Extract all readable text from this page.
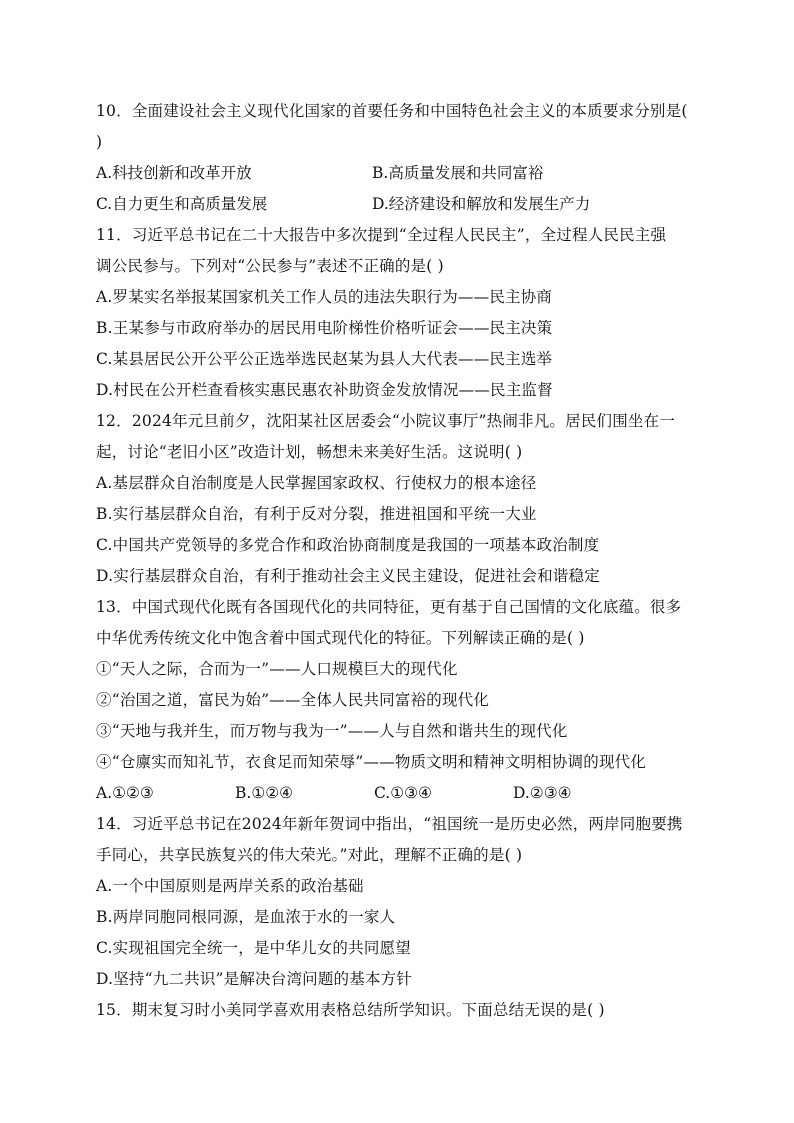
10．全面建设社会主义现代化国家的首要任务和中国特色社会主义的本质要求分别是(
)
A.科技创新和改革开放	B.高质量发展和共同富裕
C.自力更生和高质量发展	D.经济建设和解放和发展生产力
11．习近平总书记在二十大报告中多次提到“全过程人民民主”，全过程人民民主强
调公民参与。下列对“公民参与”表述不正确的是( )
A.罗某实名举报某国家机关工作人员的违法失职行为——民主协商
B.王某参与市政府举办的居民用电阶梯性价格听证会——民主决策
C.某县居民公开公平公正选举选民赵某为县人大代表——民主选举
D.村民在公开栏查看核实惠民惠农补助资金发放情况——民主监督
12．2024年元旦前夕，沈阳某社区居委会“小院议事厅”热闹非凡。居民们围坐在一
起，讨论“老旧小区”改造计划，畅想未来美好生活。这说明( )
A.基层群众自治制度是人民掌握国家政权、行使权力的根本途径
B.实行基层群众自治，有利于反对分裂，推进祖国和平统一大业
C.中国共产党领导的多党合作和政治协商制度是我国的一项基本政治制度
D.实行基层群众自治，有利于推动社会主义民主建设，促进社会和谐稳定
13．中国式现代化既有各国现代化的共同特征，更有基于自己国情的文化底蕴。很多
中华优秀传统文化中饱含着中国式现代化的特征。下列解读正确的是( )
①“天人之际，合而为一”——人口规模巨大的现代化
②“治国之道，富民为始”——全体人民共同富裕的现代化
③“天地与我并生，而万物与我为一”——人与自然和谐共生的现代化
④“仓廪实而知礼节，衣食足而知荣辱”——物质文明和精神文明相协调的现代化
A.①②③	B.①②④	C.①③④	D.②③④
14．习近平总书记在2024年新年贺词中指出，“祖国统一是历史必然，两岸同胞要携
手同心，共享民族复兴的伟大荣光。”对此，理解不正确的是( )
A.一个中国原则是两岸关系的政治基础
B.两岸同胞同根同源，是血浓于水的一家人
C.实现祖国完全统一，是中华儿女的共同愿望
D.坚持“九二共识”是解决台湾问题的基本方针
15．期末复习时小美同学喜欢用表格总结所学知识。下面总结无误的是( )
